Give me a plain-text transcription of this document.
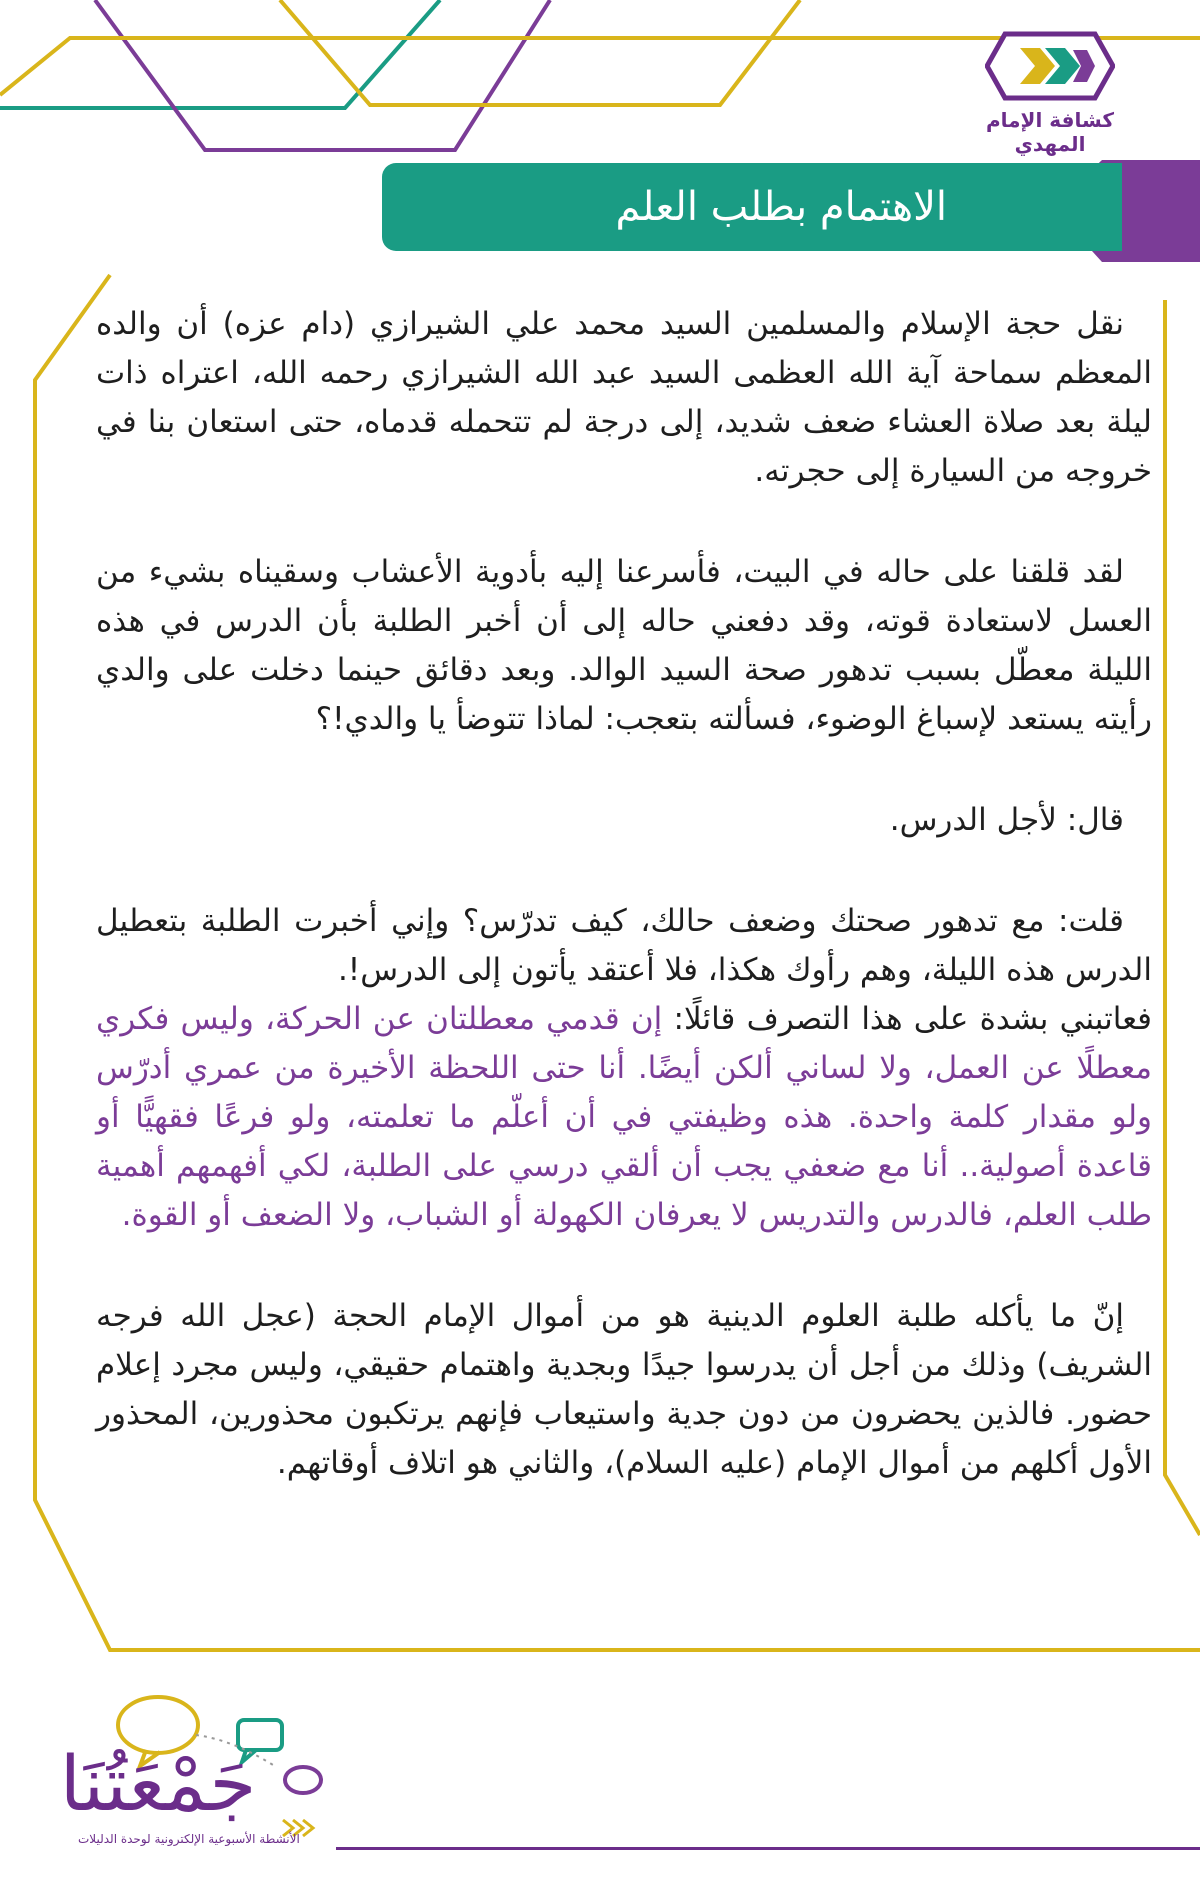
كشافة الإمام المهدي
الاهتمام بطلب العلم

نقل حجة الإسلام والمسلمين السيد محمد علي الشيرازي (دام عزه) أن والده المعظم سماحة آية الله العظمى السيد عبد الله الشيرازي رحمه الله، اعتراه ذات ليلة بعد صلاة العشاء ضعف شديد، إلى درجة لم تتحمله قدماه، حتى استعان بنا في خروجه من السيارة إلى حجرته.

لقد قلقنا على حاله في البيت، فأسرعنا إليه بأدوية الأعشاب وسقيناه بشيء من العسل لاستعادة قوته، وقد دفعني حاله إلى أن أخبر الطلبة بأن الدرس في هذه الليلة معطّل بسبب تدهور صحة السيد الوالد. وبعد دقائق حينما دخلت على والدي رأيته يستعد لإسباغ الوضوء، فسألته بتعجب: لماذا تتوضأ يا والدي!؟

قال: لأجل الدرس.

قلت: مع تدهور صحتك وضعف حالك، كيف تدرّس؟ وإني أخبرت الطلبة بتعطيل الدرس هذه الليلة، وهم رأوك هكذا، فلا أعتقد يأتون إلى الدرس!.

فعاتبني بشدة على هذا التصرف قائلًا: إن قدمي معطلتان عن الحركة، وليس فكري معطلًا عن العمل، ولا لساني ألكن أيضًا. أنا حتى اللحظة الأخيرة من عمري أدرّس ولو مقدار كلمة واحدة. هذه وظيفتي في أن أعلّم ما تعلمته، ولو فرعًا فقهيًّا أو قاعدة أصولية.. أنا مع ضعفي يجب أن ألقي درسي على الطلبة، لكي أفهمهم أهمية طلب العلم، فالدرس والتدريس لا يعرفان الكهولة أو الشباب، ولا الضعف أو القوة.

إنّ ما يأكله طلبة العلوم الدينية هو من أموال الإمام الحجة (عجل الله فرجه الشريف) وذلك من أجل أن يدرسوا جيدًا وبجدية واهتمام حقيقي، وليس مجرد إعلام حضور. فالذين يحضرون من دون جدية واستيعاب فإنهم يرتكبون محذورين، المحذور الأول أكلهم من أموال الإمام (عليه السلام)، والثاني هو اتلاف أوقاتهم.

جَمْعَتُنَا
الأنشطة الأسبوعية الإلكترونية لوحدة الدليلات
